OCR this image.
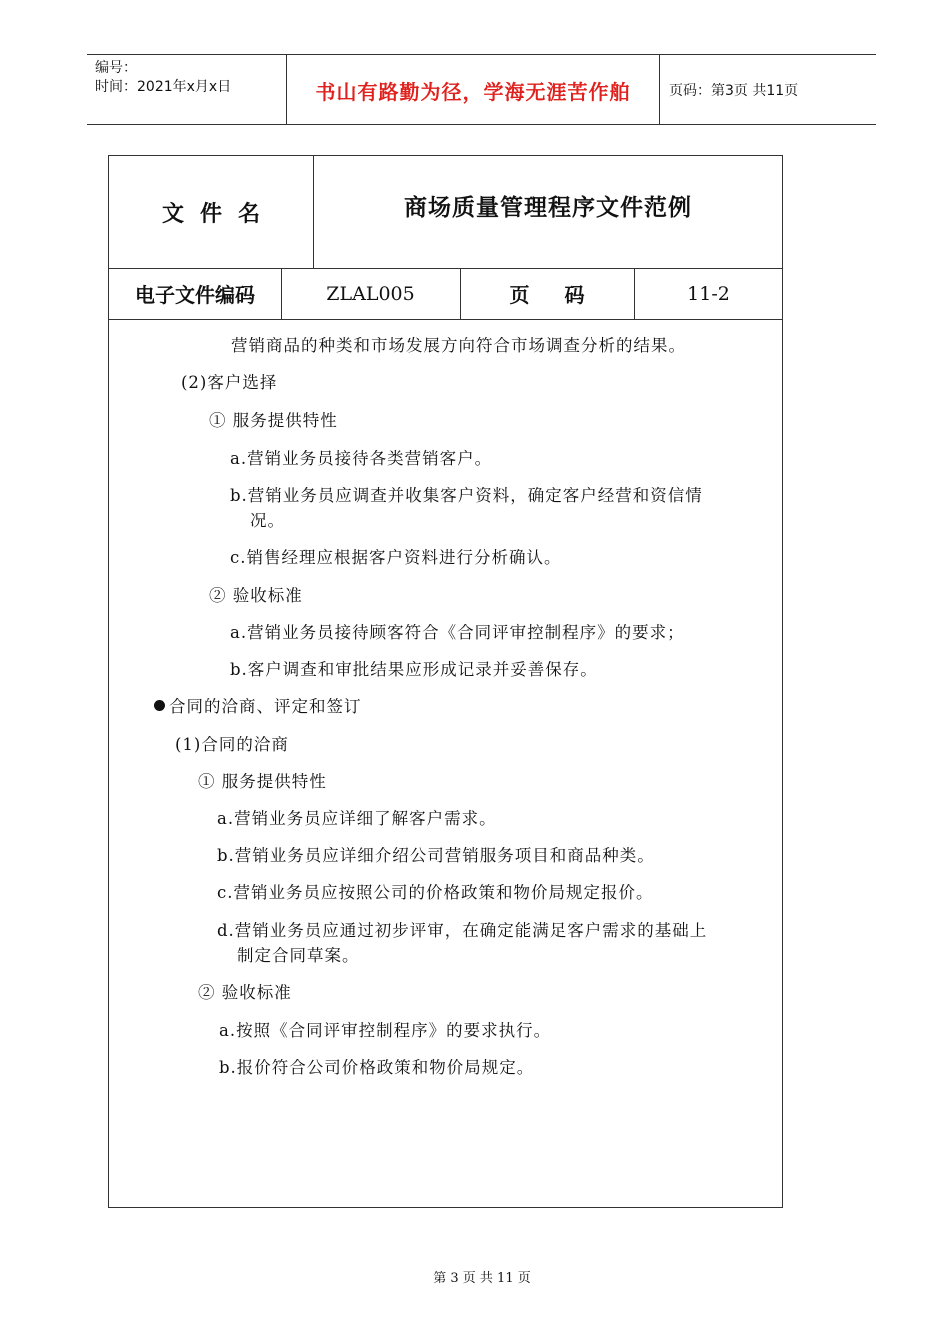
编号：
时间：2021年x月x日	书山有路勤为径，学海无涯苦作舶	页码：第3页 共11页
文件名	商场质量管理程序文件范例
电子文件编码	ZLAL005	页 码	11-2
营销商品的种类和市场发展方向符合市场调查分析的结果。
(2)客户选择
① 服务提供特性
a.营销业务员接待各类营销客户。
b.营销业务员应调查并收集客户资料，确定客户经营和资信情
况。
c.销售经理应根据客户资料进行分析确认。
② 验收标准
a.营销业务员接待顾客符合《合同评审控制程序》的要求；
b.客户调查和审批结果应形成记录并妥善保存。
合同的洽商、评定和签订
(1)合同的洽商
① 服务提供特性
a.营销业务员应详细了解客户需求。
b.营销业务员应详细介绍公司营销服务项目和商品种类。
c.营销业务员应按照公司的价格政策和物价局规定报价。
d.营销业务员应通过初步评审，在确定能满足客户需求的基础上
制定合同草案。
② 验收标准
a.按照《合同评审控制程序》的要求执行。
b.报价符合公司价格政策和物价局规定。
第 3 页 共 11 页
